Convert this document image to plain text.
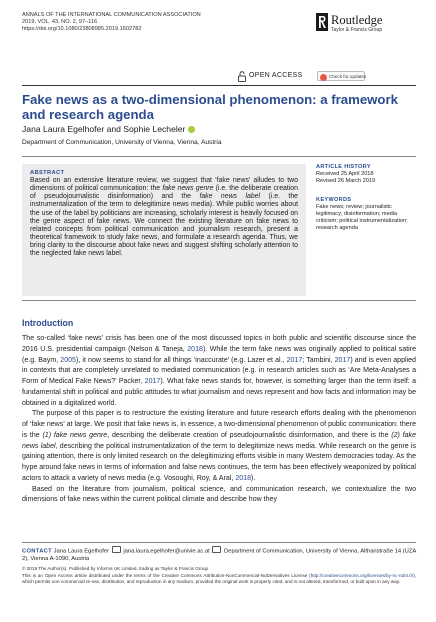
ANNALS OF THE INTERNATIONAL COMMUNICATION ASSOCIATION
2019, VOL. 43, NO. 2, 97–116
https://doi.org/10.1080/23808985.2019.1602782
Routledge
Taylor & Francis Group
OPEN ACCESS	Check for updates
Fake news as a two-dimensional phenomenon: a framework and research agenda
Jana Laura Egelhofer and Sophie Lecheler
Department of Communication, University of Vienna, Vienna, Austria
ABSTRACT

Based on an extensive literature review, we suggest that ‘fake news’ alludes to two dimensions of political communication: the fake news genre (i.e. the deliberate creation of pseudojournalistic disinformation) and the fake news label (i.e. the instrumentalization of the term to delegitimize news media). While public worries about the use of the label by politicians are increasing, scholarly interest is heavily focused on the genre aspect of fake news. We connect the existing literature on fake news to related concepts from political communication and journalism research, present a theoretical framework to study fake news, and formulate a research agenda. Thus, we bring clarity to the discourse about fake news and suggest shifting scholarly attention to the neglected fake news label.

ARTICLE HISTORY
Received 25 April 2018
Revised 26 March 2019
KEYWORDS
Fake news; review; journalistic legitimacy; disinformation; media criticism; political instrumentalization; research agenda
Introduction

The so-called ‘fake news’ crisis has been one of the most discussed topics in both public and scientific discourse since the 2016 U.S. presidential campaign (Nelson & Taneja, 2018). While the term fake news was originally applied to political satire (e.g. Baym, 2005), it now seems to stand for all things ‘inaccurate’ (e.g. Lazer et al., 2017; Tambini, 2017) and is even applied in contexts that are completely unrelated to mediated communication (e.g. in research articles such as ‘Are Meta-Analyses a Form of Medical Fake News?’ Packer, 2017). What fake news stands for, however, is something larger than the term itself: a fundamental shift in political and public attitudes to what journalism and news represent and how facts and information may be obtained in a digitalized world.

The purpose of this paper is to restructure the existing literature and future research efforts dealing with the phenomenon of ‘fake news’ at large. We posit that fake news is, in essence, a two-dimensional phenomenon of public communication: there is the (1) fake news genre, describing the deliberate creation of pseudojournalistic disinformation, and there is the (2) fake news label, describing the political instrumentalization of the term to delegitimize news media. While research on the genre is gaining attention, there is only limited research on the delegitimizing efforts visible in many Western democracies today. As the hype around fake news in terms of information and false news continues, the term has been effectively weaponized by political actors to attack a variety of news media (e.g. Vosoughi, Roy, & Aral, 2018).

Based on the literature from journalism, political science, and communication research, we contextualize the two dimensions of fake news within the current political climate and describe how they

CONTACT Jana Laura Egelhofer jana.laura.egelhofer@univie.ac.at Department of Communication, University of Vienna, Althanstraße 14 (UZA 2), Vienna A-1090, Austria

© 2019 The Author(s). Published by Informa UK Limited, trading as Taylor & Francis Group

This is an Open Access article distributed under the terms of the Creative Commons Attribution-NonCommercial-NoDerivatives License (http://creativecommons.org/licenses/by-nc-nd/4.0/), which permits non-commercial re-use, distribution, and reproduction in any medium, provided the original work is properly cited, and is not altered, transformed, or built upon in any way.
